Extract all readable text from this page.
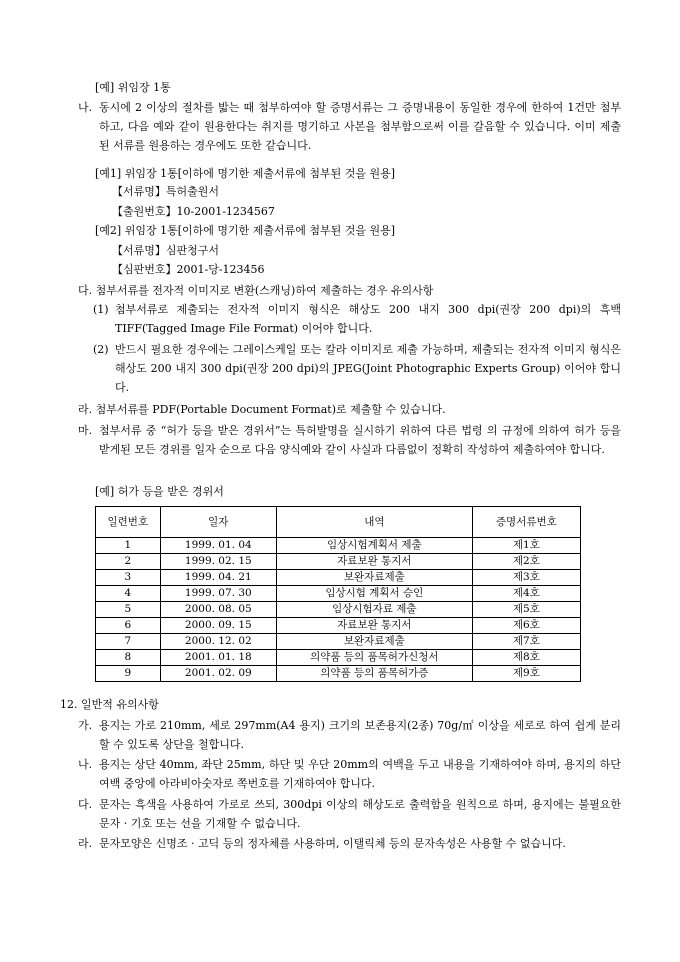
[예] 위임장 1통
나. 동시에 2 이상의 절차를 밟는 때 첨부하여야 할 증명서류는 그 증명내용이 동일한 경우에 한하여 1건만 첨부하고, 다음 예와 같이 원용한다는 취지를 명기하고 사본을 첨부함으로써 이를 갈음할 수 있습니다. 이미 제출된 서류를 원용하는 경우에도 또한 같습니다.
[예1] 위임장 1통[이하에 명기한 제출서류에 첨부된 것을 원용]
【서류명】특허출원서
【출원번호】10-2001-1234567
[예2] 위임장 1통[이하에 명기한 제출서류에 첨부된 것을 원용]
【서류명】심판청구서
【심판번호】2001-당-123456
다. 첨부서류를 전자적 이미지로 변환(스캐닝)하여 제출하는 경우 유의사항
(1) 첨부서류로 제출되는 전자적 이미지 형식은 해상도 200 내지 300 dpi(권장 200 dpi)의 흑백 TIFF(Tagged Image File Format) 이어야 합니다.
(2) 반드시 필요한 경우에는 그레이스케일 또는 칼라 이미지로 제출 가능하며, 제출되는 전자적 이미지 형식은 해상도 200 내지 300 dpi(권장 200 dpi)의 JPEG(Joint Photographic Experts Group) 이어야 합니다.
라. 첨부서류를 PDF(Portable Document Format)로 제출할 수 있습니다.
마. 첨부서류 중 “허가 등을 받은 경위서”는 특허발명을 실시하기 위하여 다른 법령 의 규정에 의하여 허가 등을 받게된 모든 경위를 일자 순으로 다음 양식예와 같이 사실과 다름없이 정확히 작성하여 제출하여야 합니다.
[예] 허가 등을 받은 경위서
일련번호	일자	내역	증명서류번호
1	1999. 01. 04	임상시험계획서 제출	제1호
2	1999. 02. 15	자료보완 통지서	제2호
3	1999. 04. 21	보완자료제출	제3호
4	1999. 07. 30	임상시험 계획서 승인	제4호
5	2000. 08. 05	임상시험자료 제출	제5호
6	2000. 09. 15	자료보완 통지서	제6호
7	2000. 12. 02	보완자료제출	제7호
8	2001. 01. 18	의약품 등의 품목허가신청서	제8호
9	2001. 02. 09	의약품 등의 품목허가증	제9호
12. 일반적 유의사항
가. 용지는 가로 210mm, 세로 297mm(A4 용지) 크기의 보존용지(2종) 70g/㎡ 이상을 세로로 하여 쉽게 분리할 수 있도록 상단을 철합니다.
나. 용지는 상단 40mm, 좌단 25mm, 하단 및 우단 20mm의 여백을 두고 내용을 기재하여야 하며, 용지의 하단여백 중앙에 아라비아숫자로 쪽번호를 기재하여야 합니다.
다. 문자는 흑색을 사용하여 가로로 쓰되, 300dpi 이상의 해상도로 출력함을 원칙으로 하며, 용지에는 불필요한 문자 · 기호 또는 선을 기재할 수 없습니다.
라. 문자모양은 신명조 · 고딕 등의 정자체를 사용하며, 이탤릭체 등의 문자속성은 사용할 수 없습니다.
